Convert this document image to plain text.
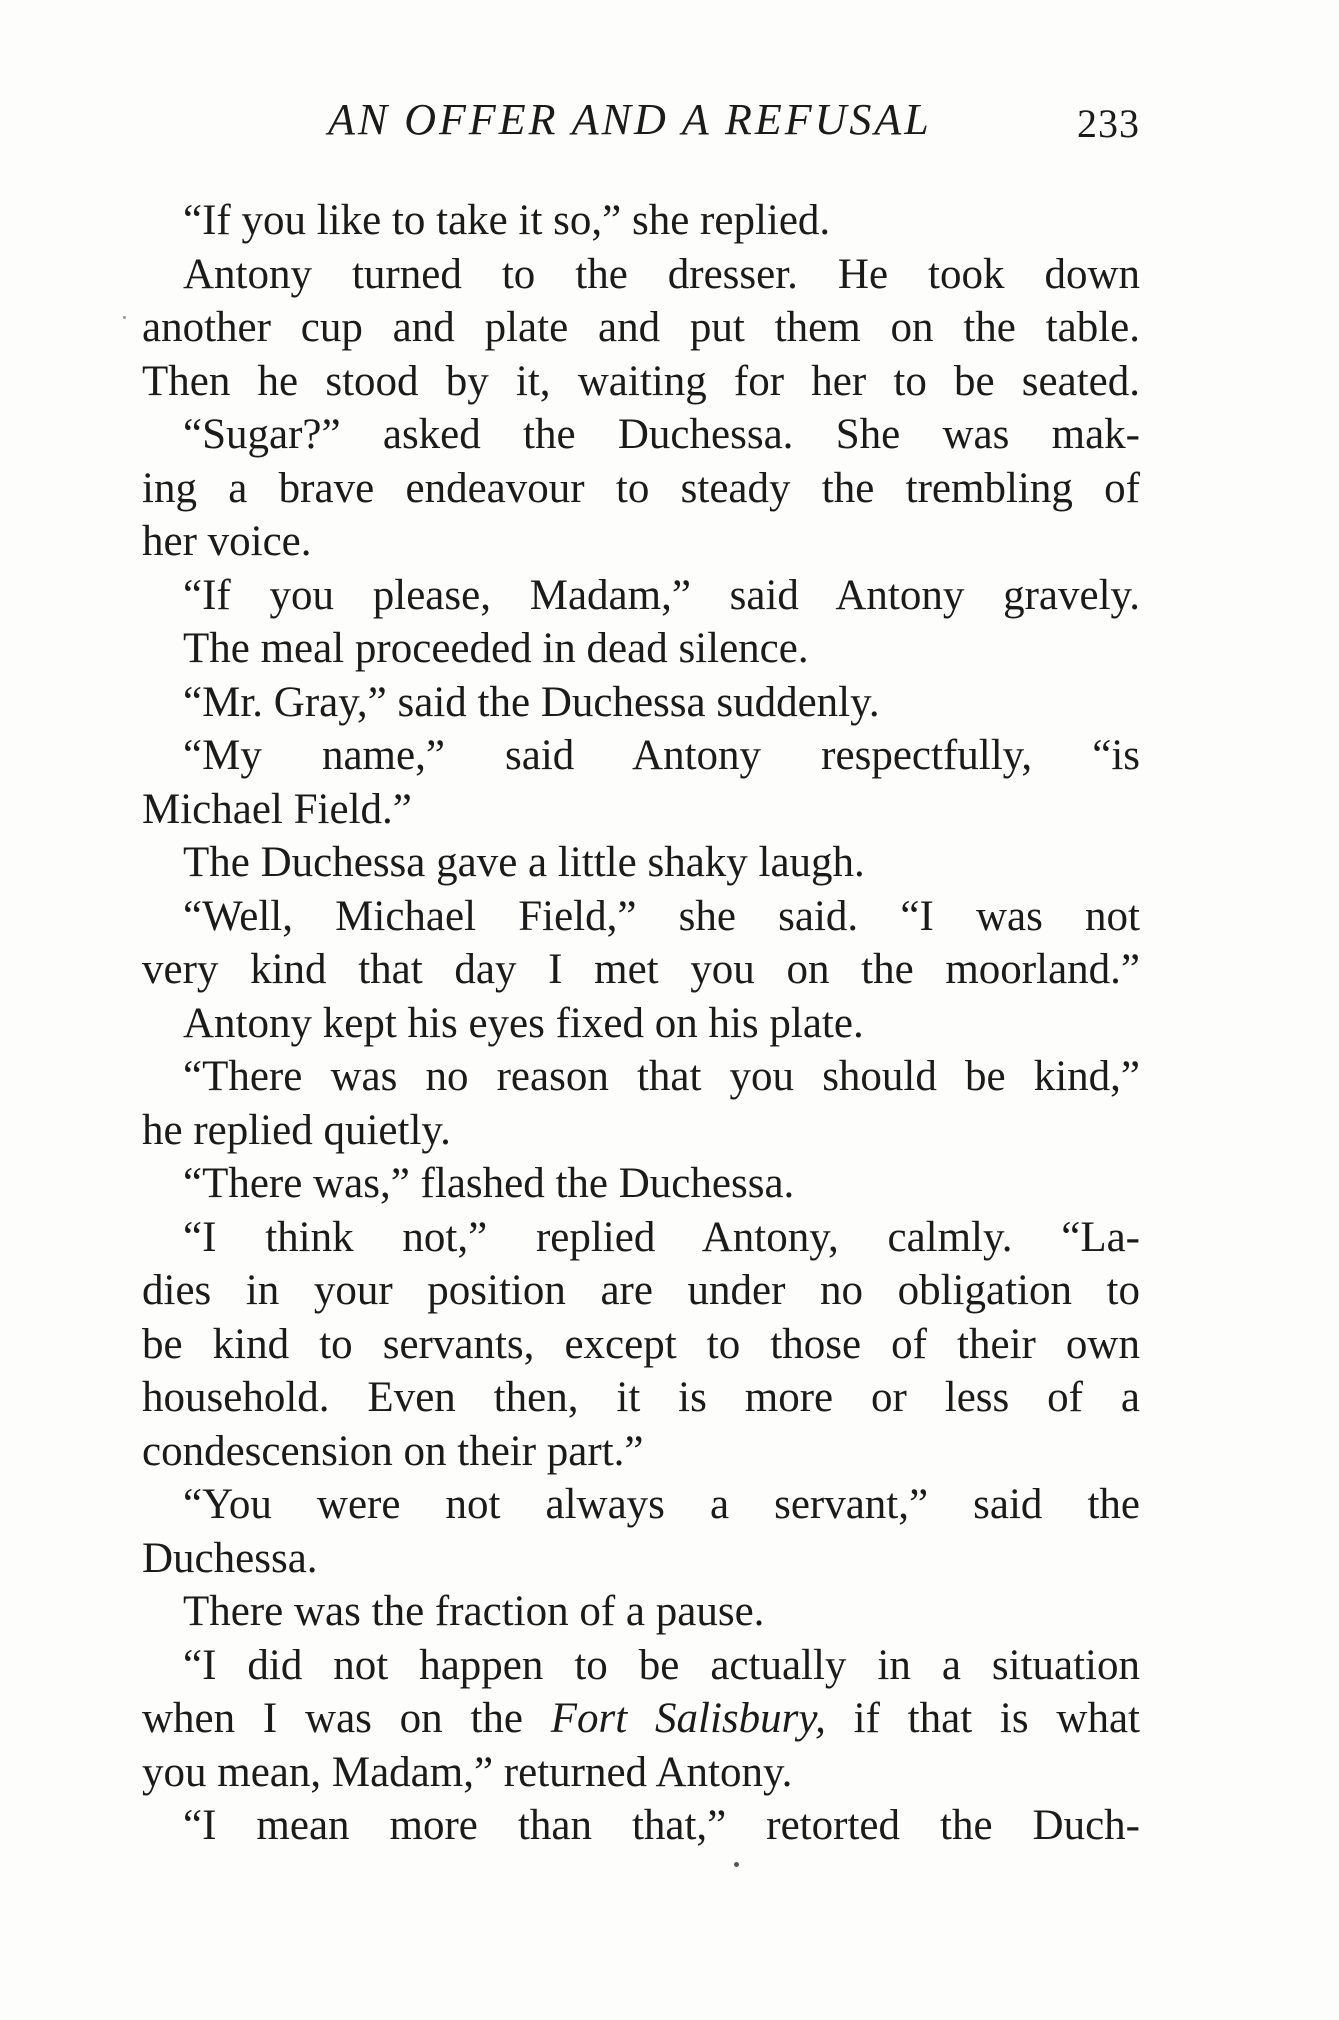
AN OFFER AND A REFUSAL	233
“If you like to take it so,” she replied.
Antony turned to the dresser. He took down
another cup and plate and put them on the table.
Then he stood by it, waiting for her to be seated.
“Sugar?” asked the Duchessa. She was mak-
ing a brave endeavour to steady the trembling of
her voice.
“If you please, Madam,” said Antony gravely.
The meal proceeded in dead silence.
“Mr. Gray,” said the Duchessa suddenly.
“My name,” said Antony respectfully, “is
Michael Field.”
The Duchessa gave a little shaky laugh.
“Well, Michael Field,” she said. “I was not
very kind that day I met you on the moorland.”
Antony kept his eyes fixed on his plate.
“There was no reason that you should be kind,”
he replied quietly.
“There was,” flashed the Duchessa.
“I think not,” replied Antony, calmly. “La-
dies in your position are under no obligation to
be kind to servants, except to those of their own
household. Even then, it is more or less of a
condescension on their part.”
“You were not always a servant,” said the
Duchessa.
There was the fraction of a pause.
“I did not happen to be actually in a situation
when I was on the Fort Salisbury, if that is what
you mean, Madam,” returned Antony.
“I mean more than that,” retorted the Duch-
